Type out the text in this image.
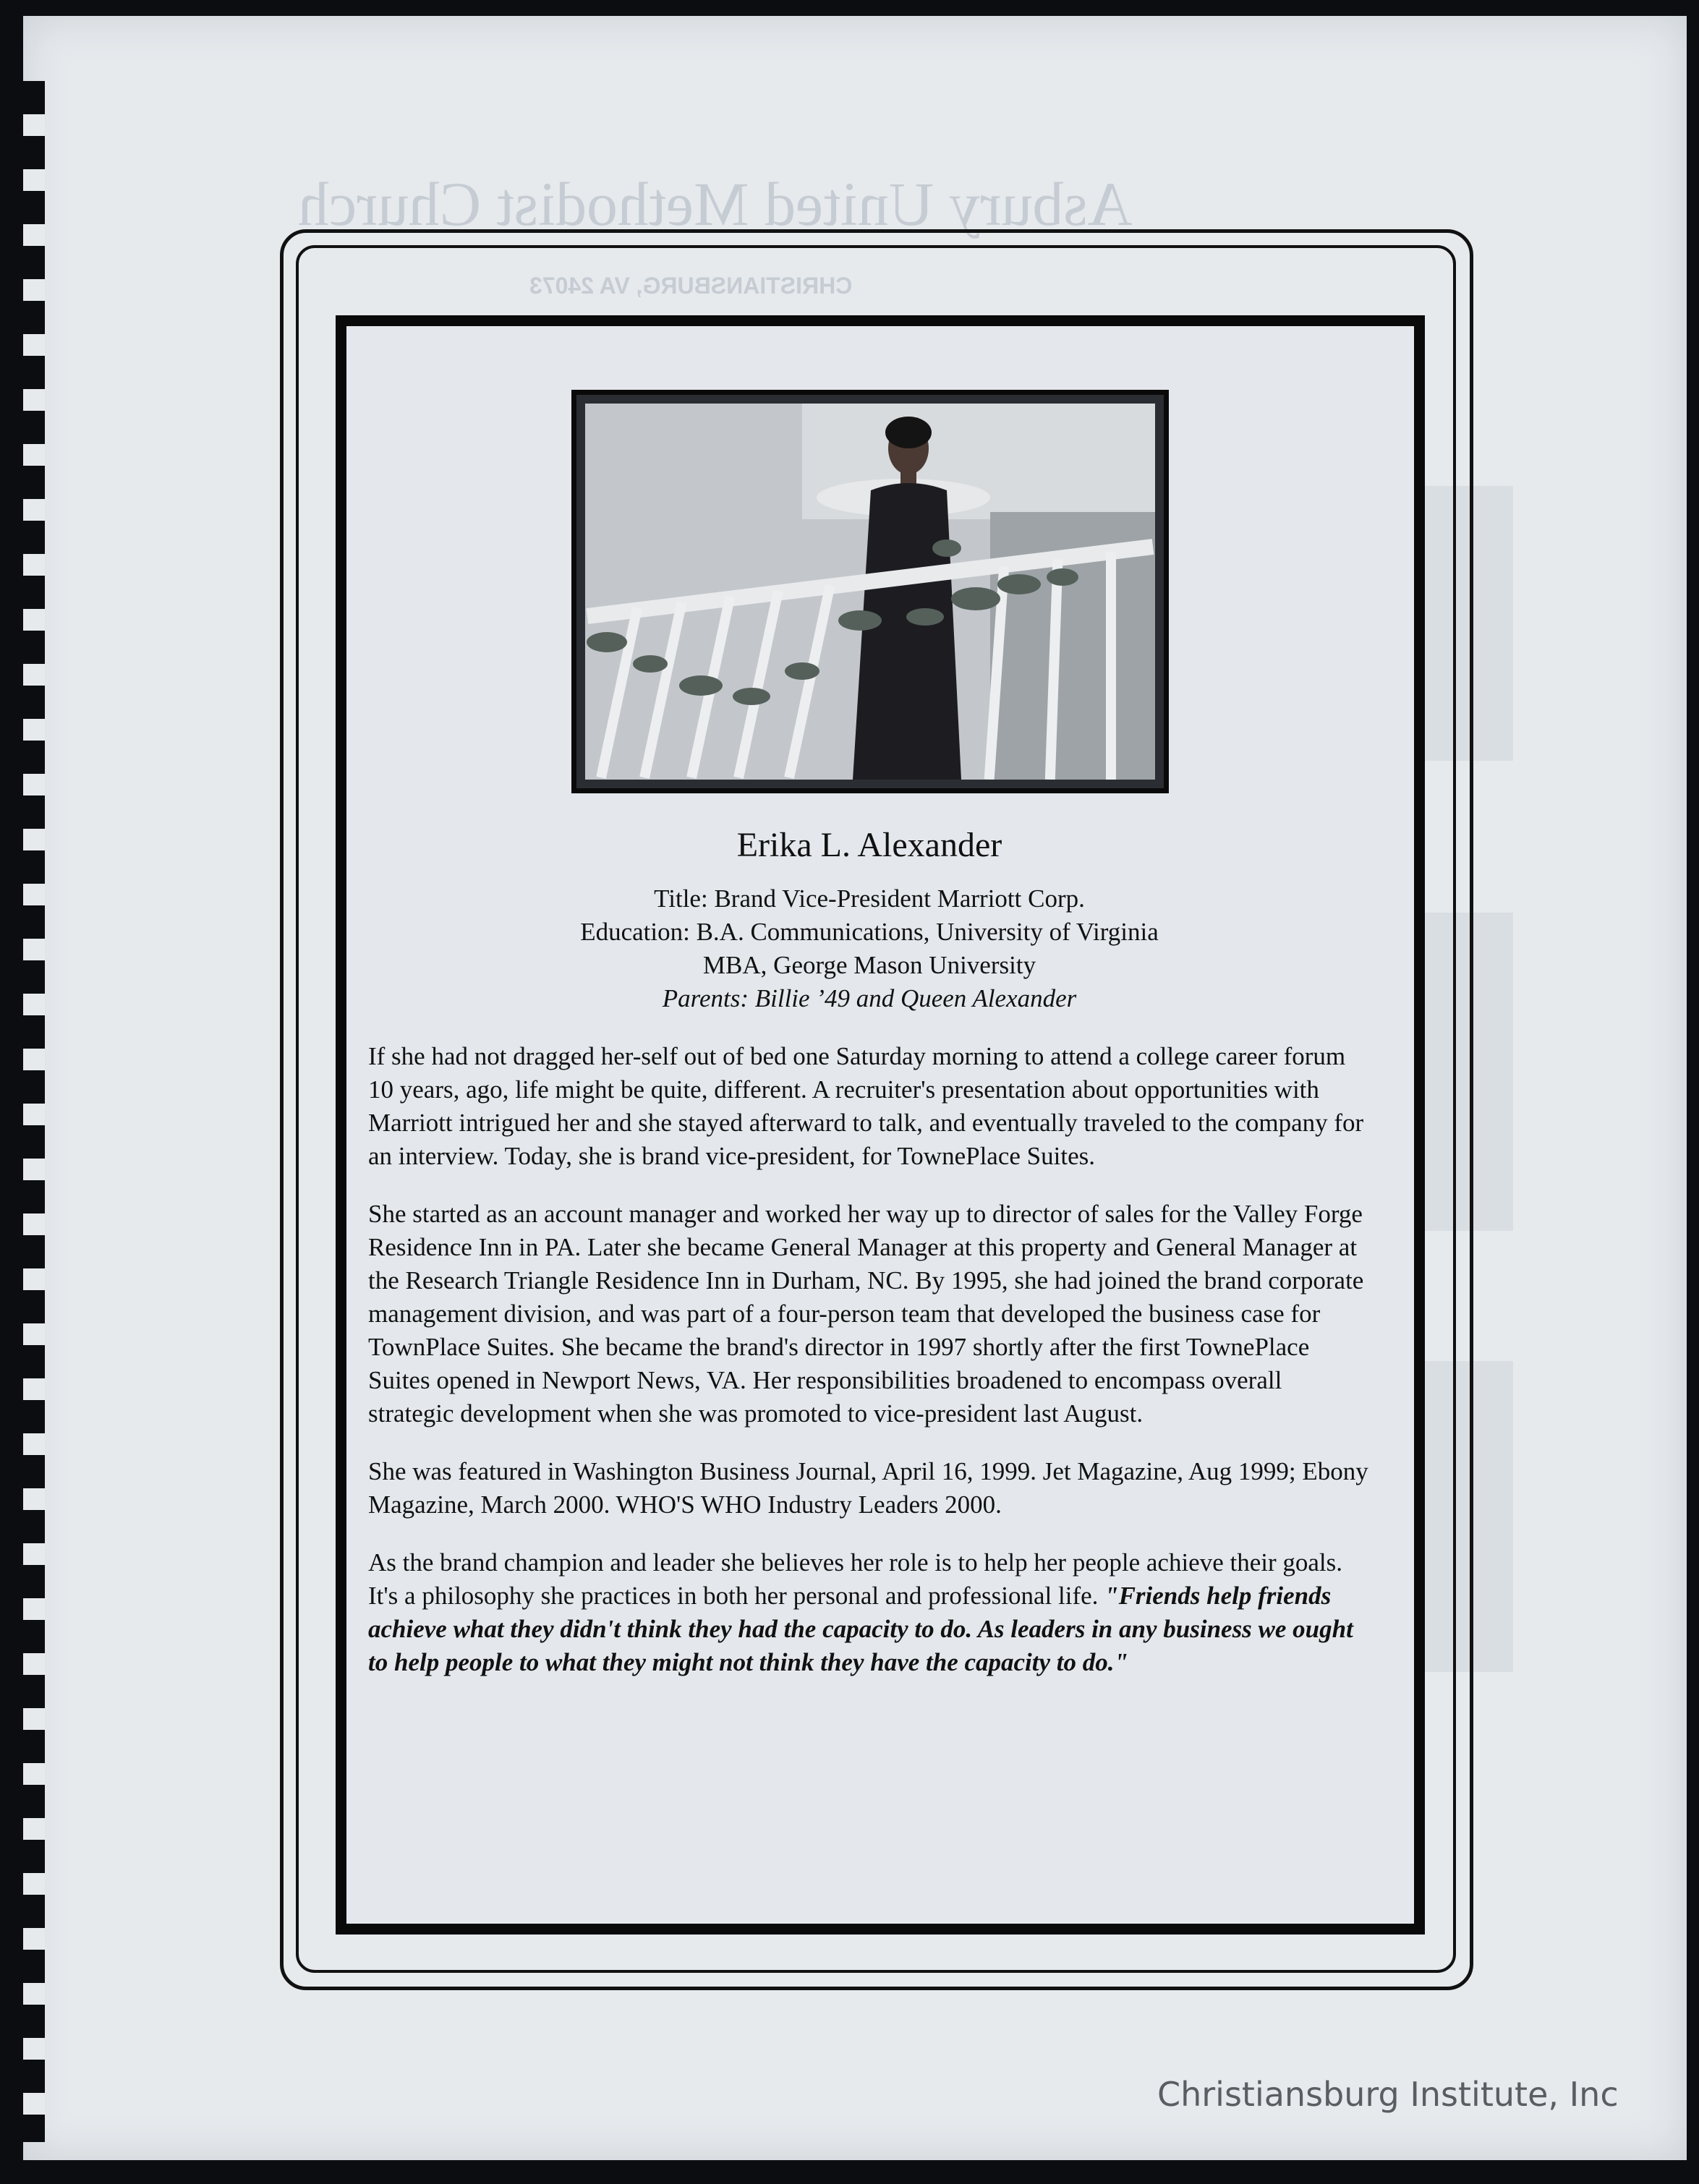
Asbury United Methodist Church
CHRISTIANSBURG, VA 24073
Erika L. Alexander
Title: Brand Vice-President Marriott Corp.
Education: B.A. Communications, University of Virginia
MBA, George Mason University
Parents: Billie ’49 and Queen Alexander

If she had not dragged her-self out of bed one Saturday morning to attend a college career forum 10 years, ago, life might be quite, different. A recruiter's presentation about opportunities with Marriott intrigued her and she stayed afterward to talk, and eventually traveled to the company for an interview. Today, she is brand vice-president, for TownePlace Suites.

She started as an account manager and worked her way up to director of sales for the Valley Forge Residence Inn in PA. Later she became General Manager at this property and General Manager at the Research Triangle Residence Inn in Durham, NC. By 1995, she had joined the brand corporate management division, and was part of a four-person team that developed the business case for TownPlace Suites. She became the brand's director in 1997 shortly after the first TownePlace Suites opened in Newport News, VA. Her responsibilities broadened to encompass overall strategic development when she was promoted to vice-president last August.

She was featured in Washington Business Journal, April 16, 1999. Jet Magazine, Aug 1999; Ebony Magazine, March 2000. WHO'S WHO Industry Leaders 2000.

As the brand champion and leader she believes her role is to help her people achieve their goals. It's a philosophy she practices in both her personal and professional life. "Friends help friends achieve what they didn't think they had the capacity to do. As leaders in any business we ought to help people to what they might not think they have the capacity to do."

Christiansburg Institute, Inc
